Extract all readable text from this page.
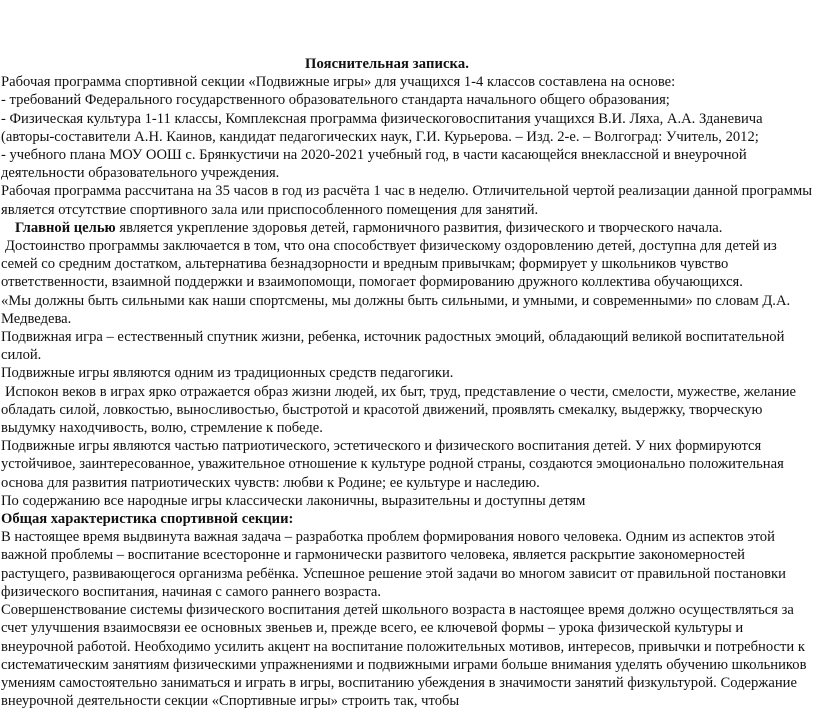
Пояснительная записка.

Рабочая программа спортивной секции «Подвижные игры» для учащихся 1-4 классов составлена на основе:

- требований Федерального государственного образовательного стандарта начального общего образования;

- Физическая культура 1-11 классы, Комплексная программа физическоговоспитания учащихся В.И. Ляха, А.А. Зданевича (авторы-составители А.Н. Каинов, кандидат педагогических наук, Г.И. Курьерова. – Изд. 2-е. – Волгоград: Учитель, 2012;

- учебного плана МОУ ООШ с. Брянкустичи на 2020-2021 учебный год, в части касающейся внеклассной и внеурочной деятельности образовательного учреждения.

Рабочая программа рассчитана на 35 часов в год из расчёта 1 час в неделю. Отличительной чертой реализации данной программы является отсутствие спортивного зала или приспособленного помещения для занятий.

Главной целью является укрепление здоровья детей, гармоничного развития, физического и творческого начала.

Достоинство программы заключается в том, что она способствует физическому оздоровлению детей, доступна для детей из семей со средним достатком, альтернатива безнадзорности и вредным привычкам; формирует у школьников чувство ответственности, взаимной поддержки и взаимопомощи, помогает формированию дружного коллектива обучающихся.

«Мы должны быть сильными как наши спортсмены, мы должны быть сильными, и умными, и современными» по словам Д.А. Медведева.

Подвижная игра – естественный спутник жизни, ребенка, источник радостных эмоций, обладающий великой воспитательной силой.

Подвижные игры являются одним из традиционных средств педагогики.

Испокон веков в играх ярко отражается образ жизни людей, их быт, труд, представление о чести, смелости, мужестве, желание обладать силой, ловкостью, выносливостью, быстротой и красотой движений, проявлять смекалку, выдержку, творческую выдумку находчивость, волю, стремление к победе.

Подвижные игры являются частью патриотического, эстетического и физического воспитания детей. У них формируются устойчивое, заинтересованное, уважительное отношение к культуре родной страны, создаются эмоционально положительная основа для развития патриотических чувств: любви к Родине; ее культуре и наследию.

По содержанию все народные игры классически лаконичны, выразительны и доступны детям

Общая характеристика спортивной секции:

В настоящее время выдвинута важная задача – разработка проблем формирования нового человека. Одним из аспектов этой важной проблемы – воспитание всесторонне и гармонически развитого человека, является раскрытие закономерностей растущего, развивающегося организма ребёнка. Успешное решение этой задачи во многом зависит от правильной постановки физического воспитания, начиная с самого раннего возраста.

Совершенствование системы физического воспитания детей школьного возраста в настоящее время должно осуществляться за счет улучшения взаимосвязи ее основных звеньев и, прежде всего, ее ключевой формы – урока физической культуры и внеурочной работой. Необходимо усилить акцент на воспитание положительных мотивов, интересов, привычки и потребности к систематическим занятиям физическими упражнениями и подвижными играми больше внимания уделять обучению школьников умениям самостоятельно заниматься и играть в игры, воспитанию убеждения в значимости занятий физкультурой. Содержание внеурочной деятельности секции «Спортивные игры» строить так, чтобы
